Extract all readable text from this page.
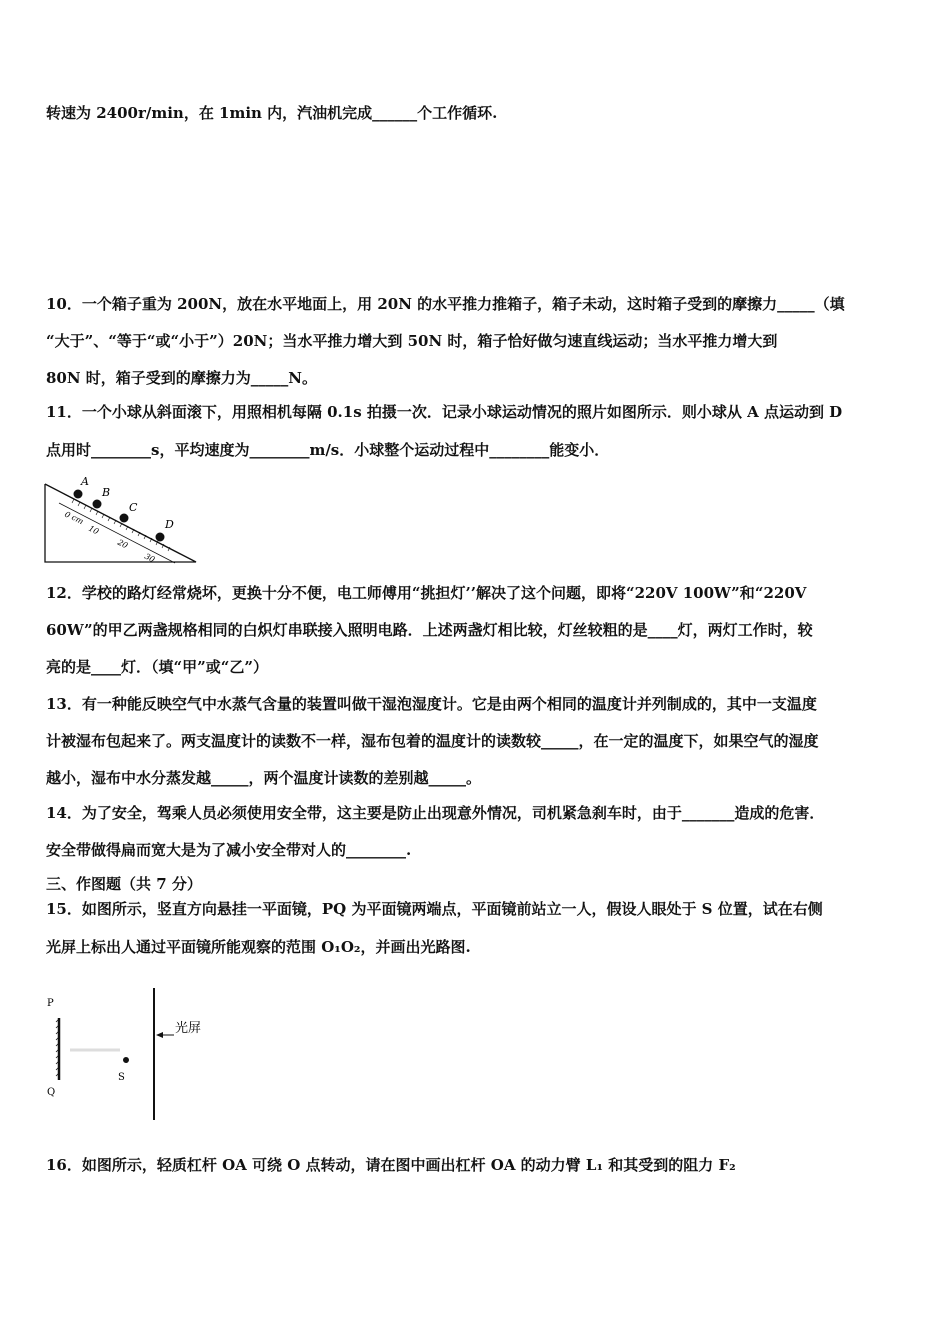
转速为 2400r/min，在 1min 内，汽油机完成______个工作循环.
10．一个箱子重为 200N，放在水平地面上，用 20N 的水平推力推箱子，箱子未动，这时箱子受到的摩擦力_____（填
“大于”、“等于“或“小于”）20N；当水平推力增大到 50N 时，箱子恰好做匀速直线运动；当水平推力增大到
80N 时，箱子受到的摩擦力为_____N。
11．一个小球从斜面滚下，用照相机每隔 0.1s 拍摄一次．记录小球运动情况的照片如图所示．则小球从 A 点运动到 D
点用时________s，平均速度为________m/s．小球整个运动过程中________能变小．
0
cm
10
20
30
A
B
C
D
12．学校的路灯经常烧坏，更换十分不便，电工师傅用“挑担灯’’解决了这个问题，即将“220V 100W”和“220V
60W”的甲乙两盏规格相同的白炽灯串联接入照明电路．上述两盏灯相比较，灯丝较粗的是____灯，两灯工作时，较
亮的是____灯．（填“甲”或“乙”）
13．有一种能反映空气中水蒸气含量的装置叫做干湿泡湿度计。它是由两个相同的温度计并列制成的，其中一支温度
计被湿布包起来了。两支温度计的读数不一样，湿布包着的温度计的读数较_____，在一定的温度下，如果空气的湿度
越小，湿布中水分蒸发越_____，两个温度计读数的差别越_____。
14．为了安全，驾乘人员必须使用安全带，这主要是防止出现意外情况，司机紧急刹车时，由于_______造成的危害．
安全带做得扁而宽大是为了减小安全带对人的________.
三、作图题（共 7 分）
15．如图所示，竖直方向悬挂一平面镜，PQ 为平面镜两端点，平面镜前站立一人，假设人眼处于 S 位置，试在右侧
光屏上标出人通过平面镜所能观察的范围 O₁O₂，并画出光路图.
P
Q
S
光屏
16．如图所示，轻质杠杆 OA 可绕 O 点转动，请在图中画出杠杆 OA 的动力臂 L₁ 和其受到的阻力 F₂
